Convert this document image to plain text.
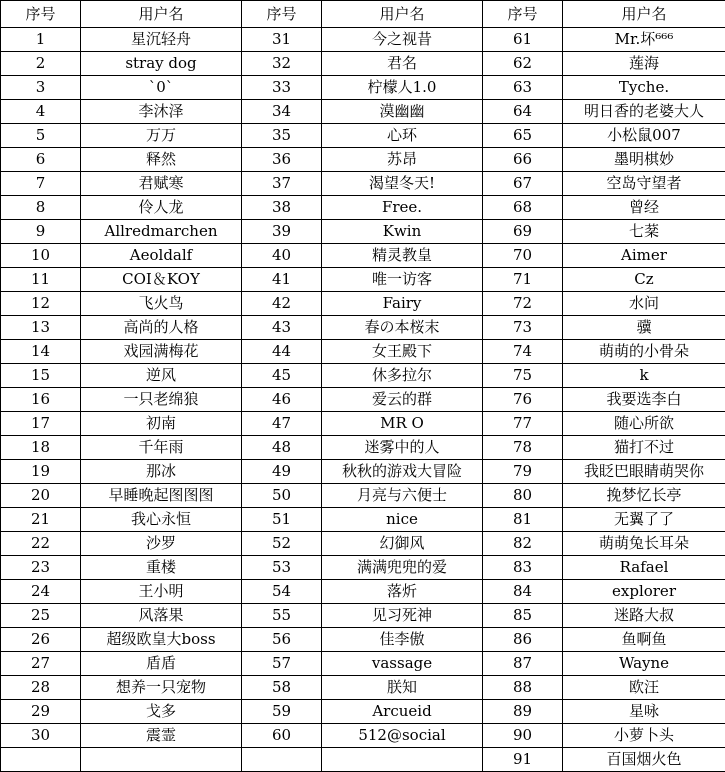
序号	用户名	序号	用户名	序号	用户名
1	星沉轻舟	31	今之视昔	61	Mr.坏⁶⁶⁶
2	stray dog	32	君名	62	莲海
3	`0`	33	柠檬人1.0	63	Tyche.
4	李沐泽	34	漠幽幽	64	明日香的老婆大人
5	万万	35	心环	65	小松鼠007
6	释然	36	苏昂	66	墨明棋妙
7	君赋寒	37	渴望冬天!	67	空岛守望者
8	伶人龙	38	Free.	68	曾经
9	Allredmarchen	39	Kwin	69	七棻
10	Aeoldalf	40	精灵教皇	70	Aimer
11	COI＆KOY	41	唯一访客	71	Cz
12	飞火鸟	42	Fairy	72	水问
13	高尚的人格	43	春の本桜末	73	骥
14	戏园满梅花	44	女王殿下	74	萌萌的小骨朵
15	逆风	45	休多拉尔	75	k
16	一只老绵狼	46	爱云的群	76	我要选李白
17	初南	47	MR O	77	随心所欲
18	千年雨	48	迷雾中的人	78	猫打不过
19	那冰	49	秋秋的游戏大冒险	79	我眨巴眼睛萌哭你
20	早睡晚起图图图	50	月亮与六便士	80	挽梦忆长亭
21	我心永恒	51	nice	81	无翼了了
22	沙罗	52	幻御风	82	萌萌兔长耳朵
23	重楼	53	满满兜兜的爱	83	Rafael
24	王小明	54	落炘	84	explorer
25	风落果	55	见习死神	85	迷路大叔
26	超级欧皇大boss	56	佳李傲	86	鱼啊鱼
27	盾盾	57	vassage	87	Wayne
28	想养一只宠物	58	朕知	88	欧汪
29	戈多	59	Arcueid	89	星咏
30	震霊	60	512@social	90	小萝卜头
				91	百国烟火色
